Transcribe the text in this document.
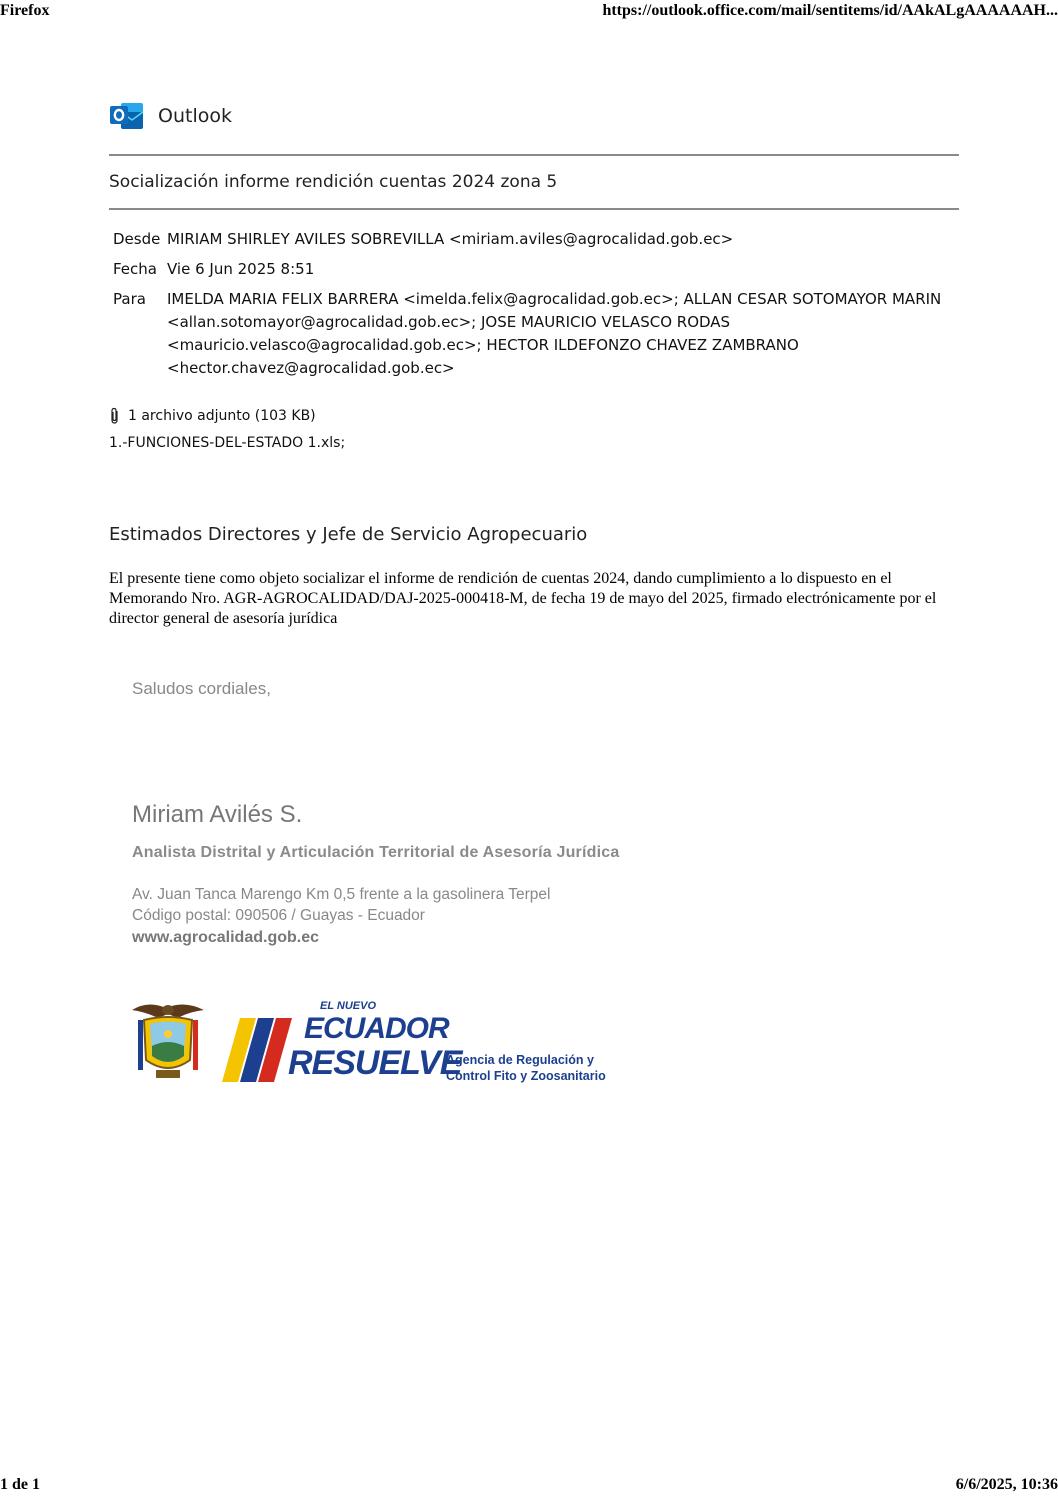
Firefox	https://outlook.office.com/mail/sentitems/id/AAkALgAAAAAAH...
Outlook
Socialización informe rendición cuentas 2024 zona 5
Desde MIRIAM SHIRLEY AVILES SOBREVILLA <miriam.aviles@agrocalidad.gob.ec>
Fecha Vie 6 Jun 2025 8:51
Para	IMELDA MARIA FELIX BARRERA <imelda.felix@agrocalidad.gob.ec>; ALLAN CESAR SOTOMAYOR MARIN <allan.sotomayor@agrocalidad.gob.ec>; JOSE MAURICIO VELASCO RODAS <mauricio.velasco@agrocalidad.gob.ec>; HECTOR ILDEFONZO CHAVEZ ZAMBRANO <hector.chavez@agrocalidad.gob.ec>
1 archivo adjunto (103 KB)
1.-FUNCIONES-DEL-ESTADO 1.xls;
Estimados Directores y Jefe de Servicio Agropecuario
El presente tiene como objeto socializar el informe de rendición de cuentas 2024, dando cumplimiento a lo dispuesto en el Memorando Nro. AGR-AGROCALIDAD/DAJ-2025-000418-M, de fecha 19 de mayo del 2025, firmado electrónicamente por el director general de asesoría jurídica
Saludos cordiales,
Miriam Avilés S.
Analista Distrital y Articulación Territorial de Asesoría Jurídica
Av. Juan Tanca Marengo Km 0,5 frente a la gasolinera Terpel
Código postal: 090506 / Guayas - Ecuador
www.agrocalidad.gob.ec
EL NUEVO
ECUADOR
RESUELVE
Agencia de Regulación y
Control Fito y Zoosanitario
1 de 1	6/6/2025, 10:36
